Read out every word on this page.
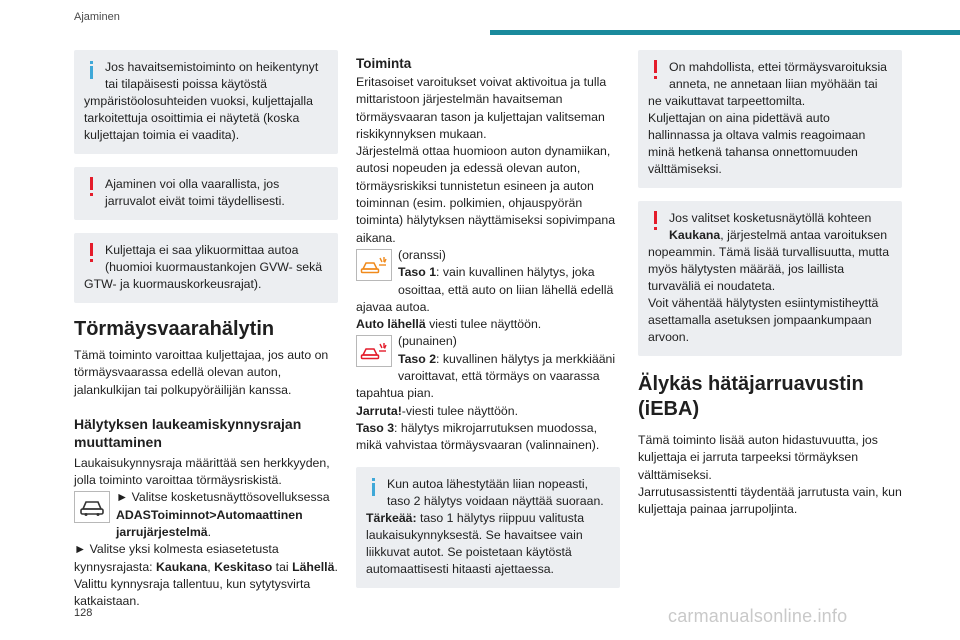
Ajaminen
Jos havaitsemistoiminto on heikentynyt tai tilapäisesti poissa käytöstä ympäristöolosuhteiden vuoksi, kuljettajalla tarkoitettuja osoittimia ei näytetä (koska kuljettajan toimia ei vaadita).
Ajaminen voi olla vaarallista, jos jarruvalot eivät toimi täydellisesti.
Kuljettaja ei saa ylikuormittaa autoa (huomioi kuormaustankojen GVW- sekä GTW- ja kuormauskorkeusrajat).
Törmäysvaarahälytin
Tämä toiminto varoittaa kuljettajaa, jos auto on törmäysvaarassa edellä olevan auton, jalankulkijan tai polkupyöräilijän kanssa.
Hälytyksen laukeamiskynnysrajan muuttaminen
Laukaisukynnysraja määrittää sen herkkyyden, jolla toiminto varoittaa törmäysriskistä.
► Valitse kosketusnäyttösovelluksessa ADASToiminnot>Automaattinen jarrujärjestelmä.
► Valitse yksi kolmesta esiasetetusta kynnysrajasta: Kaukana, Keskitaso tai Lähellä.
Valittu kynnysraja tallentuu, kun sytytysvirta katkaistaan.
Toiminta
Eritasoiset varoitukset voivat aktivoitua ja tulla mittaristoon järjestelmän havaitseman törmäysvaaran tason ja kuljettajan valitseman riskikynnyksen mukaan.
Järjestelmä ottaa huomioon auton dynamiikan, autosi nopeuden ja edessä olevan auton, törmäysriskiksi tunnistetun esineen ja auton toiminnan (esim. polkimien, ohjauspyörän toiminta) hälytyksen näyttämiseksi sopivimpana aikana.
(oranssi)
Taso 1: vain kuvallinen hälytys, joka osoittaa, että auto on liian lähellä edellä ajavaa autoa.
Auto lähellä viesti tulee näyttöön.
(punainen)
Taso 2: kuvallinen hälytys ja merkkiääni varoittavat, että törmäys on vaarassa tapahtua pian.
Jarruta!-viesti tulee näyttöön.
Taso 3: hälytys mikrojarrutuksen muodossa, mikä vahvistaa törmäysvaaran (valinnainen).
Kun autoa lähestytään liian nopeasti, taso 2 hälytys voidaan näyttää suoraan.
Tärkeää: taso 1 hälytys riippuu valitusta laukaisukynnyksestä. Se havaitsee vain liikkuvat autot. Se poistetaan käytöstä automaattisesti hitaasti ajettaessa.
On mahdollista, ettei törmäysvaroituksia anneta, ne annetaan liian myöhään tai ne vaikuttavat tarpeettomilta.
Kuljettajan on aina pidettävä auto hallinnassa ja oltava valmis reagoimaan minä hetkenä tahansa onnettomuuden välttämiseksi.
Jos valitset kosketusnäytöllä kohteen Kaukana, järjestelmä antaa varoituksen nopeammin. Tämä lisää turvallisuutta, mutta myös hälytysten määrää, jos laillista turvaväliä ei noudateta.
Voit vähentää hälytysten esiintymistiheyttä asettamalla asetuksen jompaankumpaan arvoon.
Älykäs hätäjarruavustin (iEBA)
Tämä toiminto lisää auton hidastuvuutta, jos kuljettaja ei jarruta tarpeeksi törmäyksen välttämiseksi.
Jarrutusassistentti täydentää jarrutusta vain, kun kuljettaja painaa jarrupoljinta.
128	carmanualsonline.info
